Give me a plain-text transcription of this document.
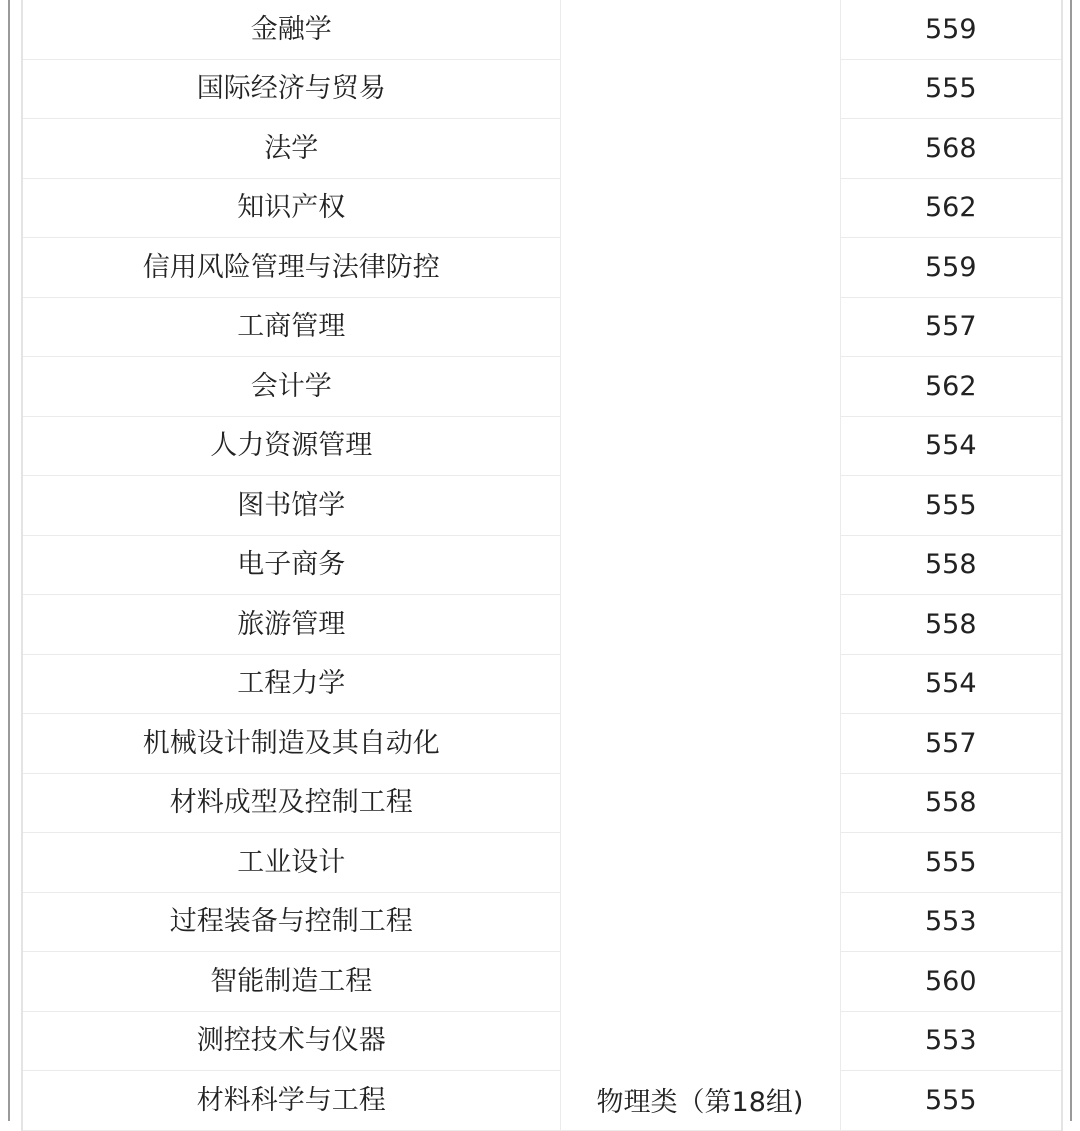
金融学	物理类（第18组)	559
国际经济与贸易		555
法学		568
知识产权		562
信用风险管理与法律防控		559
工商管理		557
会计学		562
人力资源管理		554
图书馆学		555
电子商务		558
旅游管理		558
工程力学		554
机械设计制造及其自动化		557
材料成型及控制工程		558
工业设计		555
过程装备与控制工程		553
智能制造工程		560
测控技术与仪器		553
材料科学与工程		555
